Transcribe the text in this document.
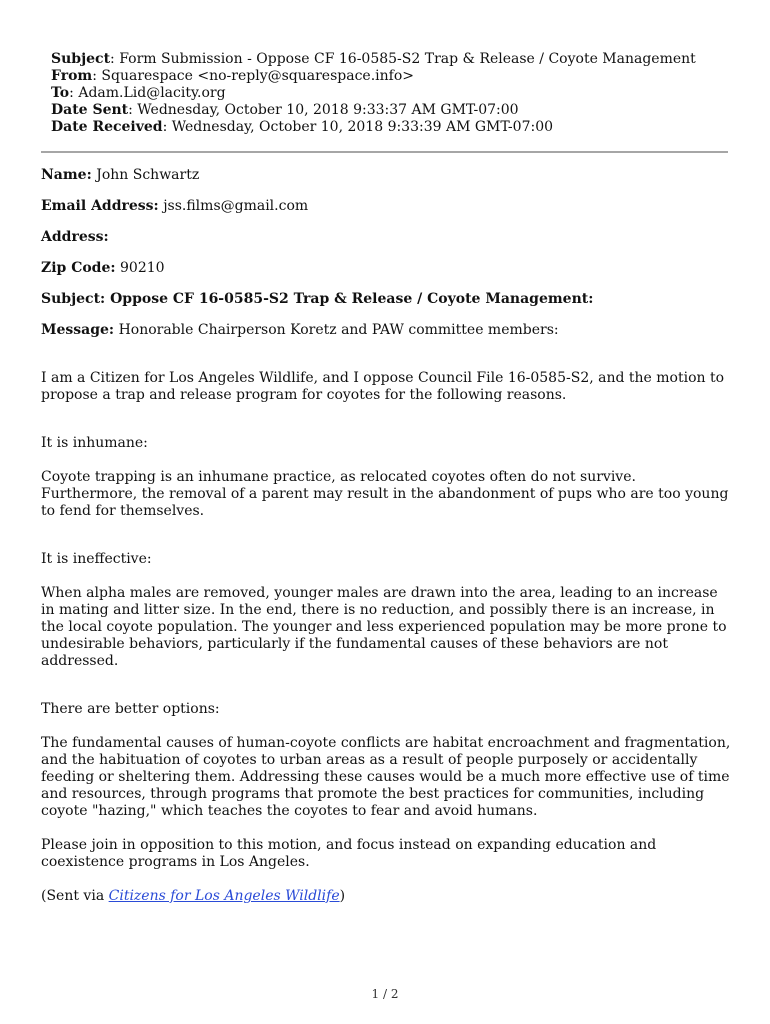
Subject: Form Submission - Oppose CF 16-0585-S2 Trap & Release / Coyote Management
From: Squarespace <no-reply@squarespace.info>
To: Adam.Lid@lacity.org
Date Sent: Wednesday, October 10, 2018 9:33:37 AM GMT-07:00
Date Received: Wednesday, October 10, 2018 9:33:39 AM GMT-07:00

Name: John Schwartz

Email Address: jss.films@gmail.com

Address:

Zip Code: 90210

Subject: Oppose CF 16-0585-S2 Trap & Release / Coyote Management:

Message: Honorable Chairperson Koretz and PAW committee members:

I am a Citizen for Los Angeles Wildlife, and I oppose Council File 16-0585-S2, and the motion to propose a trap and release program for coyotes for the following reasons.

It is inhumane:

Coyote trapping is an inhumane practice, as relocated coyotes often do not survive. Furthermore, the removal of a parent may result in the abandonment of pups who are too young to fend for themselves.

It is ineffective:

When alpha males are removed, younger males are drawn into the area, leading to an increase in mating and litter size. In the end, there is no reduction, and possibly there is an increase, in the local coyote population. The younger and less experienced population may be more prone to undesirable behaviors, particularly if the fundamental causes of these behaviors are not addressed.

There are better options:

The fundamental causes of human-coyote conflicts are habitat encroachment and fragmentation, and the habituation of coyotes to urban areas as a result of people purposely or accidentally feeding or sheltering them. Addressing these causes would be a much more effective use of time and resources, through programs that promote the best practices for communities, including coyote "hazing," which teaches the coyotes to fear and avoid humans.

Please join in opposition to this motion, and focus instead on expanding education and coexistence programs in Los Angeles.

(Sent via Citizens for Los Angeles Wildlife)

1 / 2
